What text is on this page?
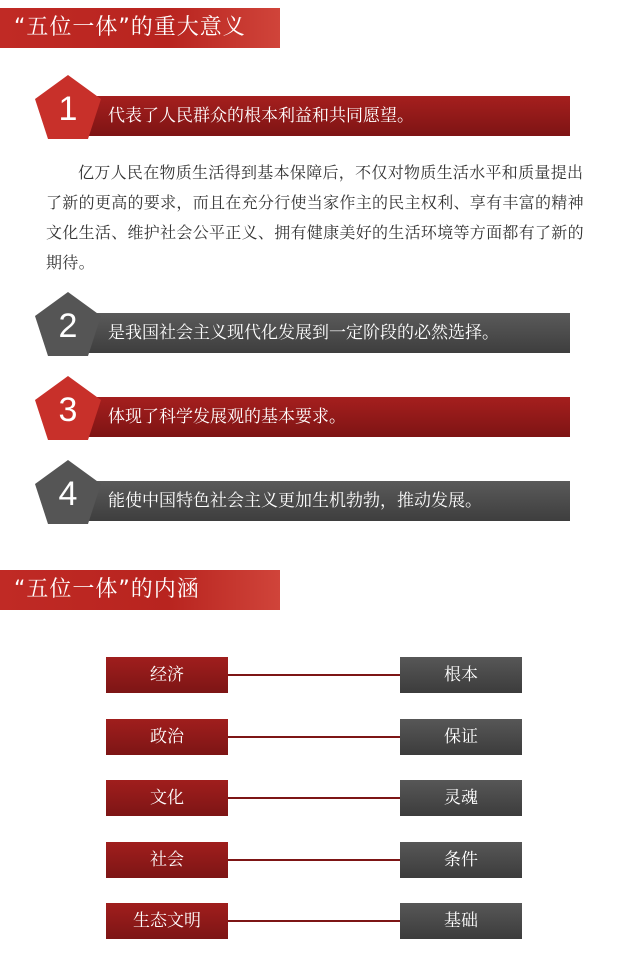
“五位一体”的重大意义
代表了人民群众的根本利益和共同愿望。
1
亿万人民在物质生活得到基本保障后，不仅对物质生活水平和质量提出了新的更高的要求，而且在充分行使当家作主的民主权利、享有丰富的精神文化生活、维护社会公平正义、拥有健康美好的生活环境等方面都有了新的期待。
是我国社会主义现代化发展到一定阶段的必然选择。
2
体现了科学发展观的基本要求。
3
能使中国特色社会主义更加生机勃勃，推动发展。
4
“五位一体”的内涵
经济	根本
政治	保证
文化	灵魂
社会	条件
生态文明	基础
